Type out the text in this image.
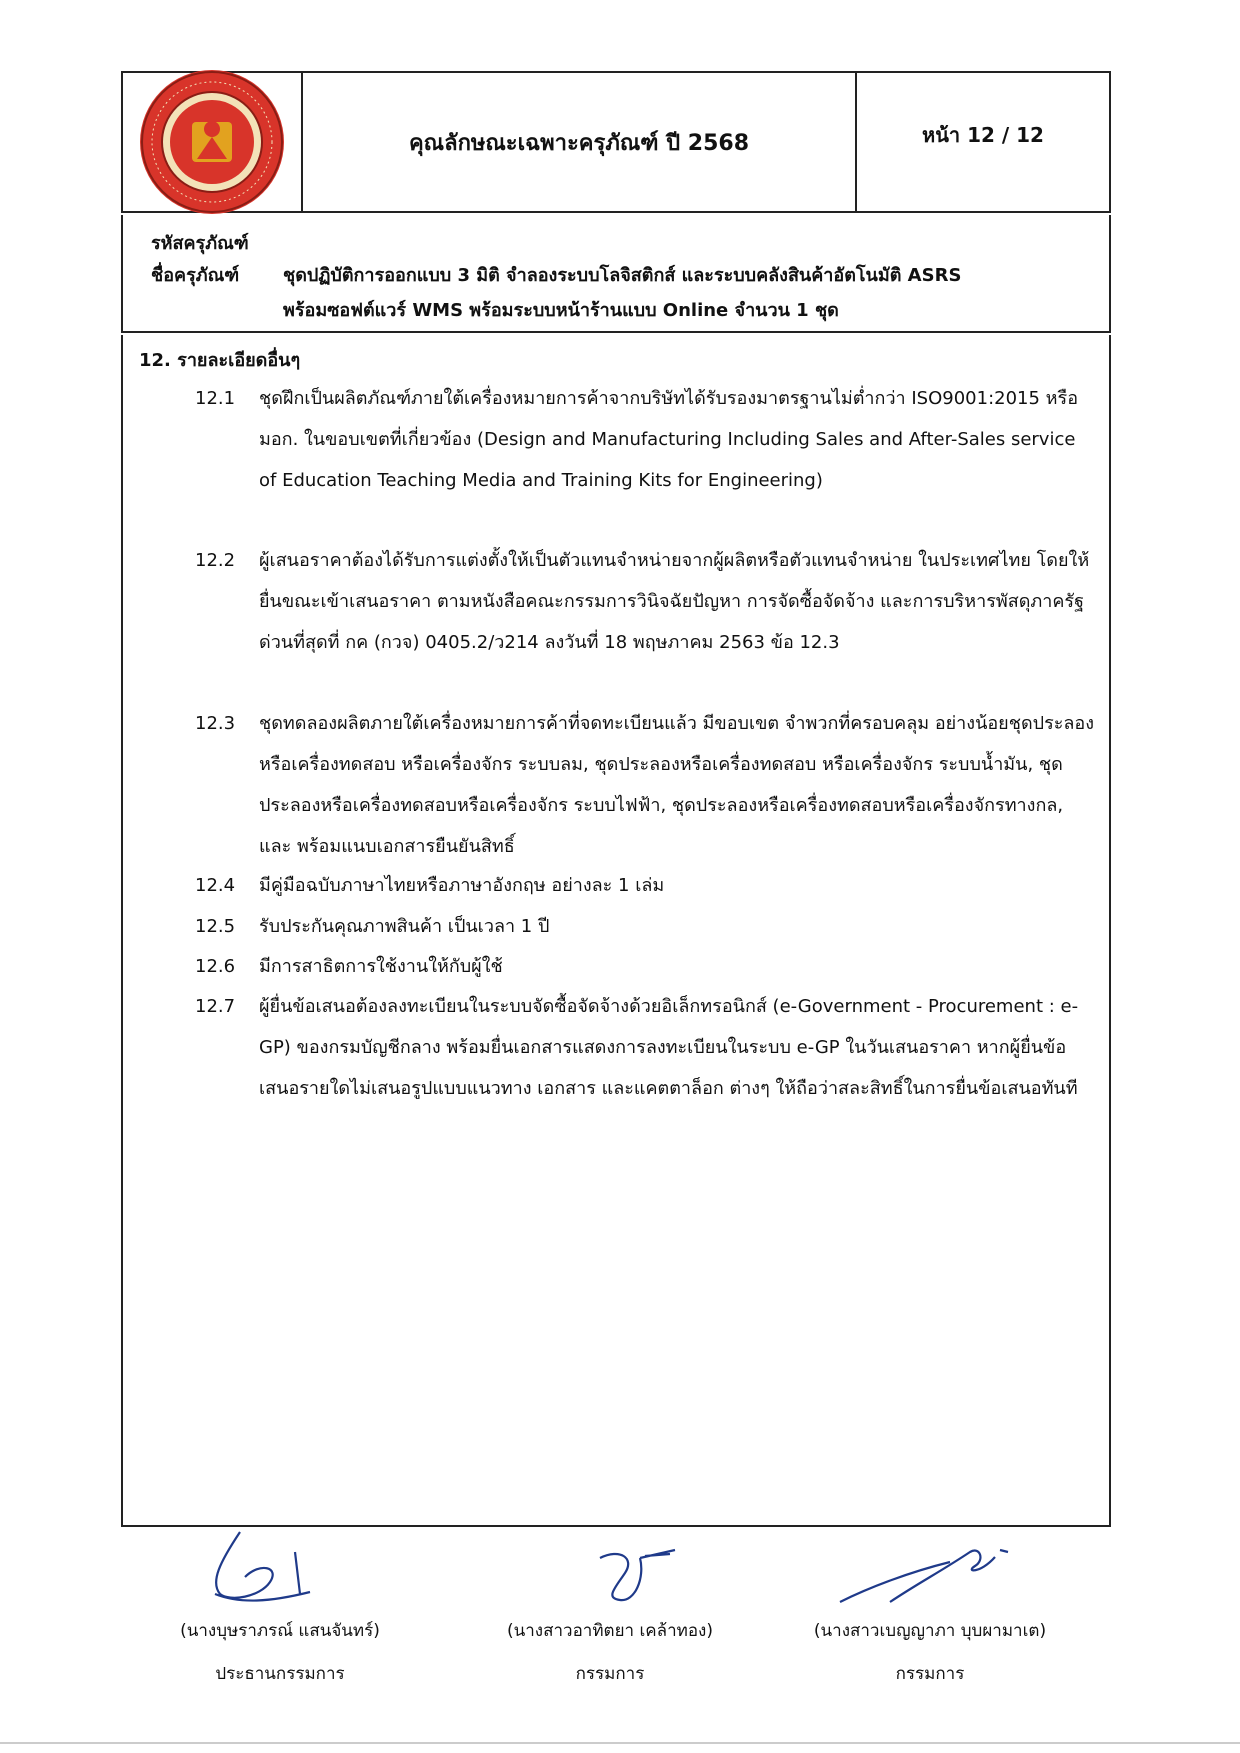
คุณลักษณะเฉพาะครุภัณฑ์ ปี 2568	หน้า 12 / 12
รหัสครุภัณฑ์
ชื่อครุภัณฑ์ ชุดปฏิบัติการออกแบบ 3 มิติ จำลองระบบโลจิสติกส์ และระบบคลังสินค้าอัตโนมัติ ASRS
พร้อมซอฟต์แวร์ WMS พร้อมระบบหน้าร้านแบบ Online จำนวน 1 ชุด
12. รายละเอียดอื่นๆ
12.1	ชุดฝึกเป็นผลิตภัณฑ์ภายใต้เครื่องหมายการค้าจากบริษัทได้รับรองมาตรฐานไม่ต่ำกว่า ISO9001:2015 หรือ มอก. ในขอบเขตที่เกี่ยวข้อง (Design and Manufacturing Including Sales and After-Sales service of Education Teaching Media and Training Kits for Engineering)
12.2	ผู้เสนอราคาต้องได้รับการแต่งตั้งให้เป็นตัวแทนจำหน่ายจากผู้ผลิตหรือตัวแทนจำหน่าย ในประเทศไทย โดยให้ยื่นขณะเข้าเสนอราคา ตามหนังสือคณะกรรมการวินิจฉัยปัญหา การจัดซื้อจัดจ้าง และการบริหารพัสดุภาครัฐ ด่วนที่สุดที่ กค (กวจ) 0405.2/ว214 ลงวันที่ 18 พฤษภาคม 2563 ข้อ 12.3
12.3	ชุดทดลองผลิตภายใต้เครื่องหมายการค้าที่จดทะเบียนแล้ว มีขอบเขต จำพวกที่ครอบคลุม อย่างน้อยชุดประลองหรือเครื่องทดสอบ หรือเครื่องจักร ระบบลม, ชุดประลองหรือเครื่องทดสอบ หรือเครื่องจักร ระบบน้ำมัน, ชุดประลองหรือเครื่องทดสอบหรือเครื่องจักร ระบบไฟฟ้า, ชุดประลองหรือเครื่องทดสอบหรือเครื่องจักรทางกล, และ พร้อมแนบเอกสารยืนยันสิทธิ์
12.4	มีคู่มือฉบับภาษาไทยหรือภาษาอังกฤษ อย่างละ 1 เล่ม
12.5	รับประกันคุณภาพสินค้า เป็นเวลา 1 ปี
12.6	มีการสาธิตการใช้งานให้กับผู้ใช้
12.7	ผู้ยื่นข้อเสนอต้องลงทะเบียนในระบบจัดซื้อจัดจ้างด้วยอิเล็กทรอนิกส์ (e-Government - Procurement : e-GP) ของกรมบัญชีกลาง พร้อมยื่นเอกสารแสดงการลงทะเบียนในระบบ e-GP ในวันเสนอราคา หากผู้ยื่นข้อเสนอรายใดไม่เสนอรูปแบบแนวทาง เอกสาร และแคตตาล็อก ต่างๆ ให้ถือว่าสละสิทธิ์ในการยื่นข้อเสนอทันที
(นางบุษราภรณ์ แสนจันทร์)
ประธานกรรมการ
(นางสาวอาทิตยา เคล้าทอง)
กรรมการ
(นางสาวเบญญาภา บุบผามาเต)
กรรมการ
